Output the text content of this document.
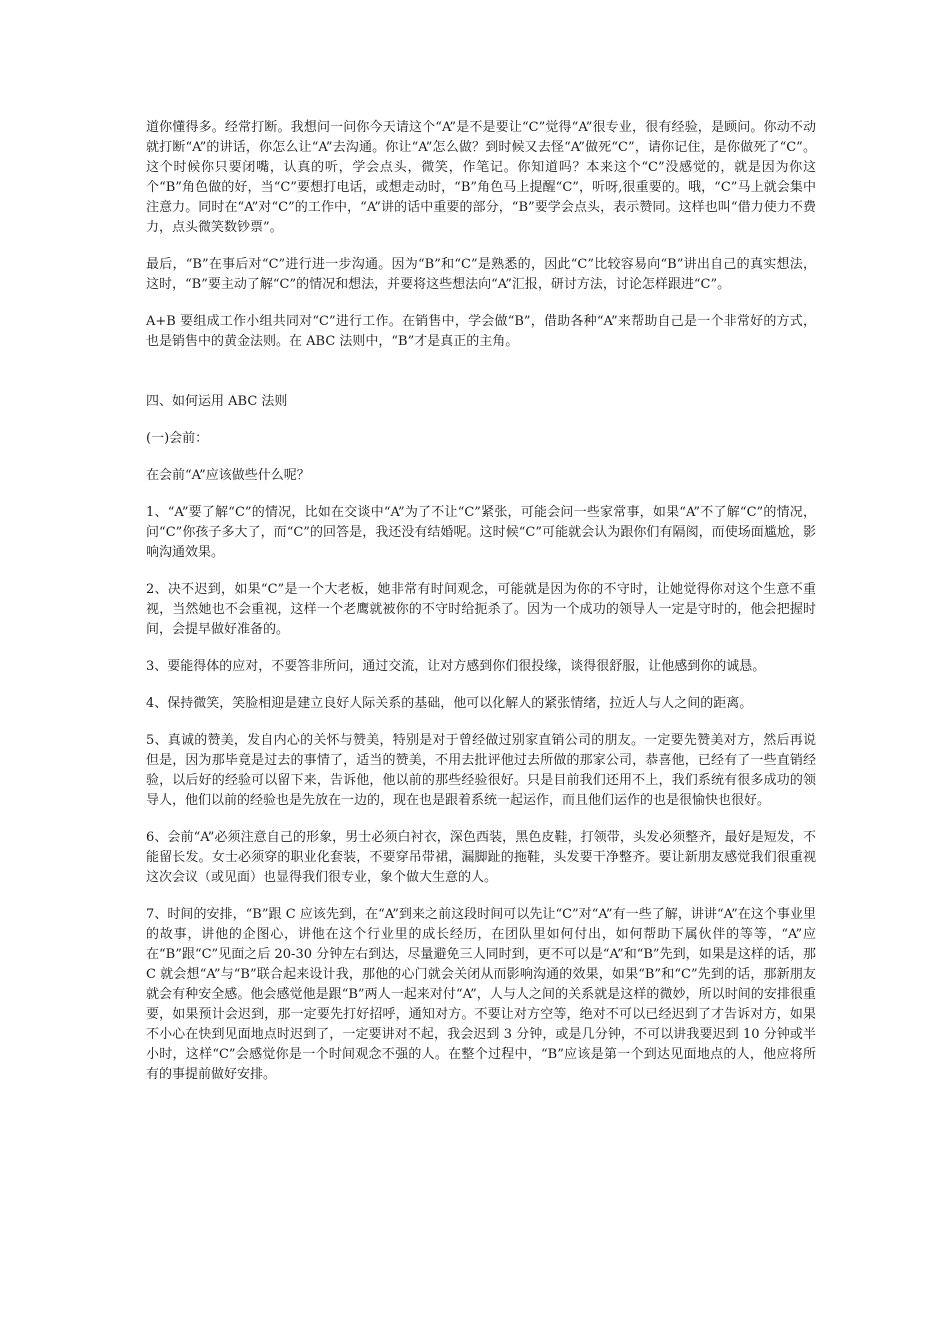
道你懂得多。经常打断。我想问一问你今天请这个“A”是不是要让“C”觉得“A”很专业，很有经验，是顾问。你动不动就打断“A”的讲话，你怎么让“A”去沟通。你让“A”怎么做？到时候又去怪“A”做死“C”，请你记住，是你做死了“C”。这个时候你只要闭嘴，认真的听，学会点头，微笑，作笔记。你知道吗？本来这个“C”没感觉的，就是因为你这个“B”角色做的好，当“C”要想打电话，或想走动时，“B”角色马上提醒“C”，听呀,很重要的。哦，“C”马上就会集中注意力。同时在“A”对“C”的工作中，“A”讲的话中重要的部分，“B”要学会点头，表示赞同。这样也叫“借力使力不费力，点头微笑数钞票”。

最后，“B”在事后对“C”进行进一步沟通。因为“B”和“C”是熟悉的，因此“C”比较容易向“B”讲出自己的真实想法，这时，“B”要主动了解“C”的情况和想法，并要将这些想法向“A”汇报，研讨方法，讨论怎样跟进“C”。

A+B 要组成工作小组共同对“C”进行工作。在销售中，学会做“B”，借助各种“A”来帮助自己是一个非常好的方式，也是销售中的黄金法则。在 ABC 法则中，“B”才是真正的主角。

四、如何运用 ABC 法则

(一)会前：

在会前“A”应该做些什么呢？

1、“A”要了解“C”的情况，比如在交谈中“A”为了不让“C”紧张，可能会问一些家常事，如果“A”不了解“C”的情况，问“C”你孩子多大了，而“C”的回答是，我还没有结婚呢。这时候“C”可能就会认为跟你们有隔阂，而使场面尴尬，影响沟通效果。

2、决不迟到，如果“C”是一个大老板，她非常有时间观念，可能就是因为你的不守时，让她觉得你对这个生意不重视，当然她也不会重视，这样一个老鹰就被你的不守时给扼杀了。因为一个成功的领导人一定是守时的，他会把握时间，会提早做好准备的。

3、要能得体的应对，不要答非所问，通过交流，让对方感到你们很投缘，谈得很舒服，让他感到你的诚恳。

4、保持微笑，笑脸相迎是建立良好人际关系的基础，他可以化解人的紧张情绪，拉近人与人之间的距离。

5、真诚的赞美，发自内心的关怀与赞美，特别是对于曾经做过别家直销公司的朋友。一定要先赞美对方，然后再说但是，因为那毕竟是过去的事情了，适当的赞美，不用去批评他过去所做的那家公司，恭喜他，已经有了一些直销经验，以后好的经验可以留下来，告诉他，他以前的那些经验很好。只是目前我们还用不上，我们系统有很多成功的领导人，他们以前的经验也是先放在一边的，现在也是跟着系统一起运作，而且他们运作的也是很愉快也很好。

6、会前“A”必须注意自己的形象，男士必须白衬衣，深色西装，黑色皮鞋，打领带，头发必须整齐，最好是短发，不能留长发。女士必须穿的职业化套装，不要穿吊带裙，漏脚趾的拖鞋，头发要干净整齐。要让新朋友感觉我们很重视这次会议（或见面）也显得我们很专业，象个做大生意的人。

7、时间的安排，“B”跟 C 应该先到，在“A”到来之前这段时间可以先让“C”对“A”有一些了解，讲讲“A”在这个事业里的故事，讲他的企图心，讲他在这个行业里的成长经历，在团队里如何付出，如何帮助下属伙伴的等等，“A”应在“B”跟“C”见面之后 20-30 分钟左右到达，尽量避免三人同时到，更不可以是“A”和“B”先到，如果是这样的话，那 C 就会想“A”与“B”联合起来设计我，那他的心门就会关闭从而影响沟通的效果，如果“B”和“C”先到的话，那新朋友就会有种安全感。他会感觉他是跟“B”两人一起来对付“A”，人与人之间的关系就是这样的微妙，所以时间的安排很重要，如果预计会迟到，那一定要先打好招呼，通知对方。不要让对方空等，绝对不可以已经迟到了才告诉对方，如果不小心在快到见面地点时迟到了，一定要讲对不起，我会迟到 3 分钟，或是几分钟，不可以讲我要迟到 10 分钟或半小时，这样“C”会感觉你是一个时间观念不强的人。在整个过程中，“B”应该是第一个到达见面地点的人，他应将所有的事提前做好安排。
